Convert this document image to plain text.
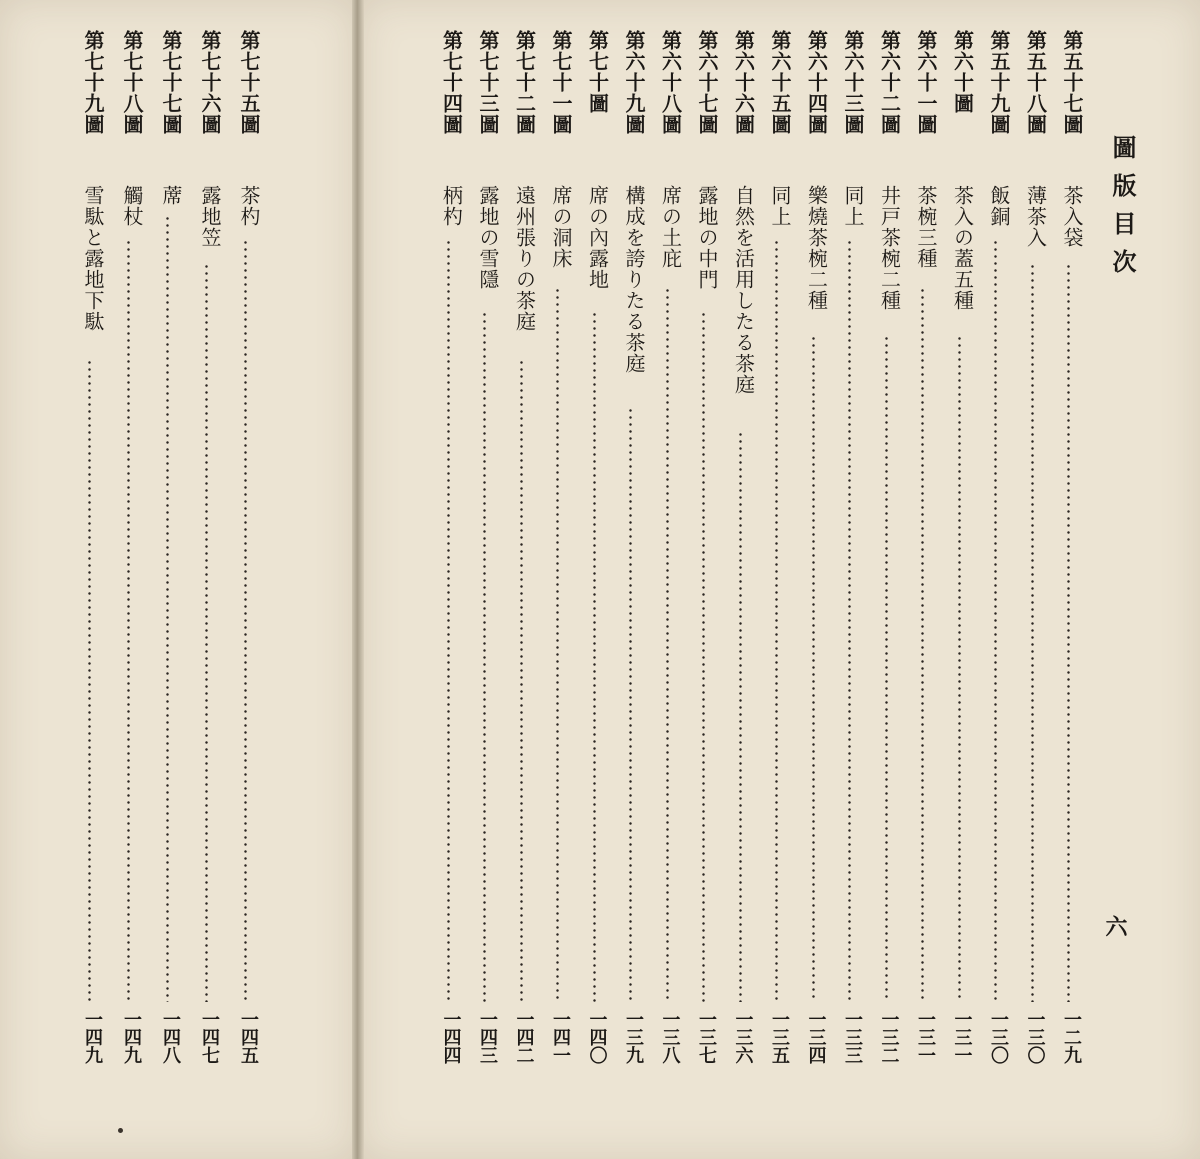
圖版目次
六
第五十七圖
茶入袋
一二九
第五十八圖
薄茶入
一三〇
第五十九圖
飯銅
一三〇
第六十圖
茶入の蓋五種
一三一
第六十一圖
茶椀三種
一三一
第六十二圖
井戸茶椀二種
一三二
第六十三圖
同上
一三三
第六十四圖
樂燒茶椀二種
一三四
第六十五圖
同上
一三五
第六十六圖
自然を活用したる茶庭
一三六
第六十七圖
露地の中門
一三七
第六十八圖
席の土庇
一三八
第六十九圖
構成を誇りたる茶庭
一三九
第七十圖
席の內露地
一四〇
第七十一圖
席の洞床
一四一
第七十二圖
遠州張りの茶庭
一四二
第七十三圖
露地の雪隱
一四三
第七十四圖
柄杓
一四四
第七十五圖
茶杓
一四五
第七十六圖
露地笠
一四七
第七十七圖
蓆
一四八
第七十八圖
觸杖
一四九
第七十九圖
雪駄と露地下駄
一四九
